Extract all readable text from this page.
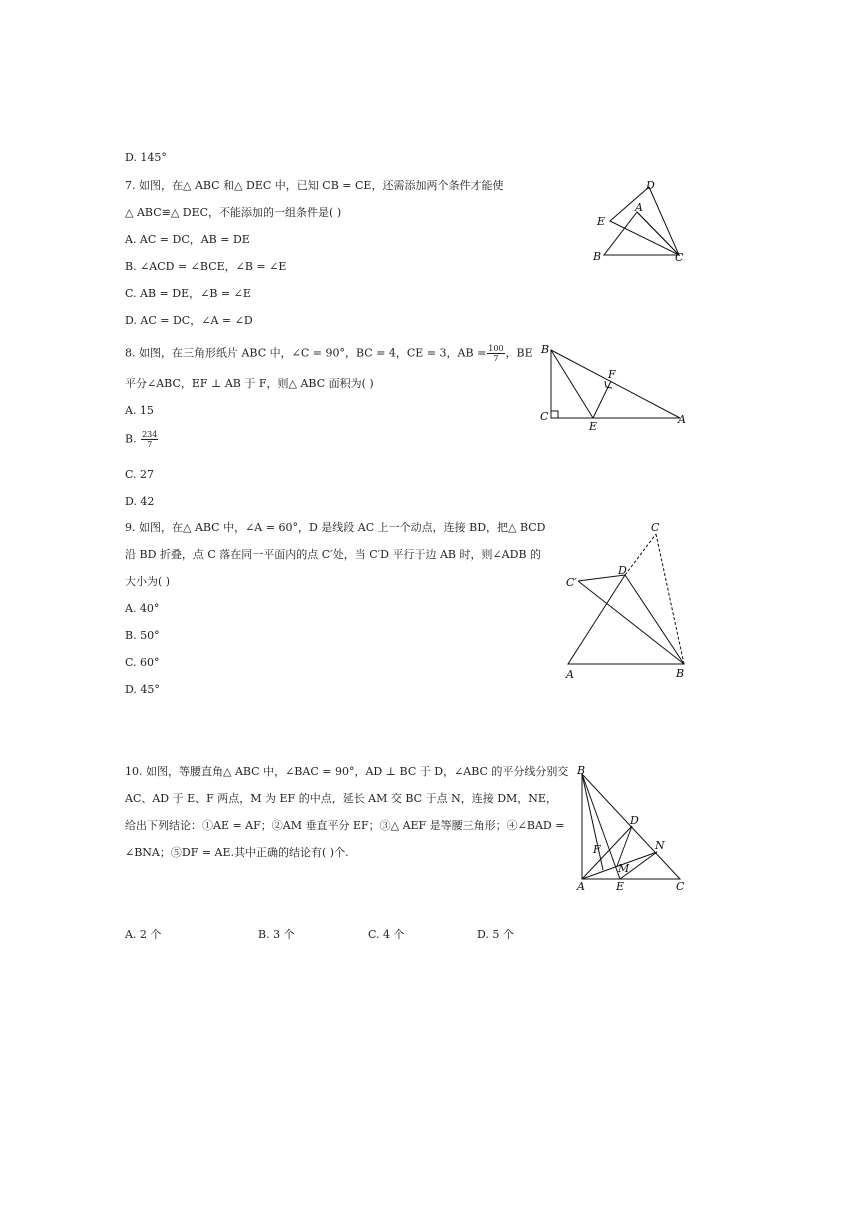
D. 145°
7. 如图，在△ ABC 和△ DEC 中，已知 CB = CE，还需添加两个条件才能使
△ ABC≌△ DEC，不能添加的一组条件是( )
A. AC = DC，AB = DE
B. ∠ACD = ∠BCE，∠B = ∠E
C. AB = DE，∠B = ∠E
D. AC = DC，∠A = ∠D
D
A
E
B	C
8. 如图，在三角形纸片 ABC 中，∠C = 90°，BC = 4，CE = 3，AB = $\frac{100}{7}$ ，BE
平分∠ABC，EF ⊥ AB 于 F，则△ ABC 面积为( )
A. 15
B. $\frac{234}{7}$
C. 27
D. 42
B
F
C
E
A
9. 如图，在△ ABC 中，∠A = 60°，D 是线段 AC 上一个动点，连接 BD，把△ BCD
沿 BD 折叠，点 C 落在同一平面内的点 C′处，当 C′D 平行于边 AB 时，则∠ADB 的
大小为( )
A. 40°
B. 50°
C. 60°
D. 45°
C
C′
D
A	B
10. 如图，等腰直角△ ABC 中，∠BAC = 90°，AD ⊥ BC 于 D，∠ABC 的平分线分别交
AC、AD 于 E、F 两点，M 为 EF 的中点，延长 AM 交 BC 于点 N，连接 DM，NE，
给出下列结论：①AE = AF；②AM 垂直平分 EF；③△ AEF 是等腰三角形；④∠BAD =
∠BNA；⑤DF = AE.其中正确的结论有( )个.
A. 2 个	B. 3 个	C. 4 个	D. 5 个
B
D
N
F
M
A	E	C
